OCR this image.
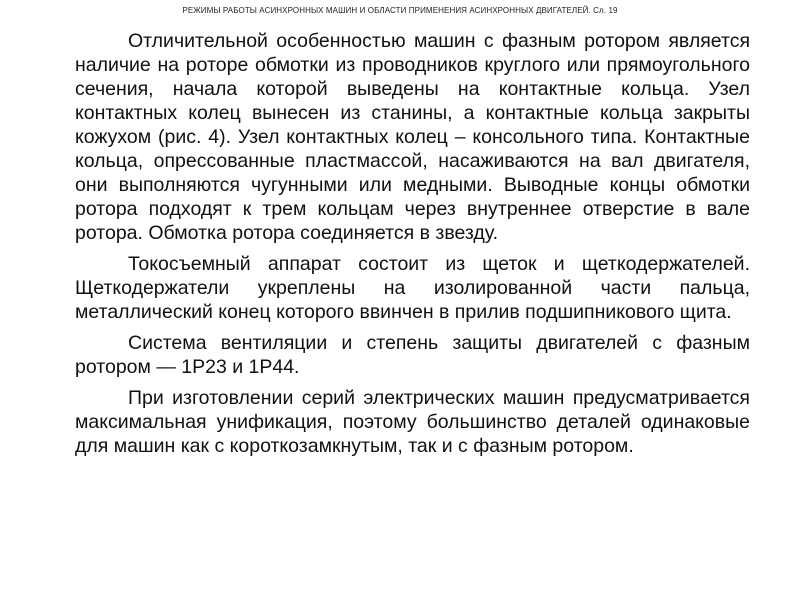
РЕЖИМЫ РАБОТЫ АСИНХРОННЫХ МАШИН И ОБЛАСТИ ПРИМЕНЕНИЯ АСИНХРОННЫХ ДВИГАТЕЛЕЙ. Сл. 19

Отличительной особенностью машин с фазным ротором является наличие на роторе обмотки из проводников круглого или прямоугольного сечения, начала которой выведены на контактные кольца. Узел контактных колец вынесен из станины, а контактные кольца закрыты кожухом (рис. 4). Узел контактных колец – консольного типа. Контактные кольца, опрессованные пластмассой, насаживаются на вал двигателя, они выполняются чугунными или медными. Выводные концы обмотки ротора подходят к трем кольцам через внутреннее отверстие в вале ротора. Обмотка ротора соединяется в звезду.

Токосъемный аппарат состоит из щеток и щеткодержателей. Щеткодержатели укреплены на изолированной части пальца, металлический конец которого ввинчен в прилив подшипникового щита.

Система вентиляции и степень защиты двигателей с фазным ротором — 1Р23 и 1Р44.

При изготовлении серий электрических машин предусматривается максимальная унификация, поэтому большинство деталей одинаковые для машин как с короткозамкнутым, так и с фазным ротором.
